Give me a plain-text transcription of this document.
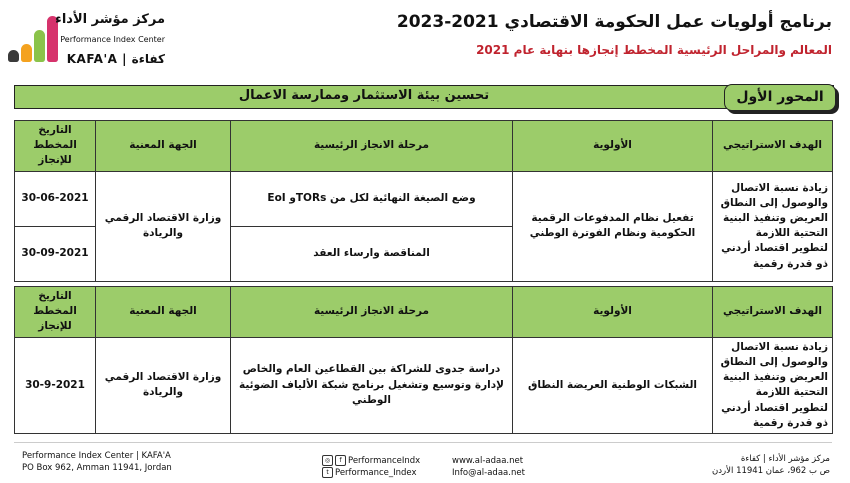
مركز مؤشر الأداء
Performance Index Center
KAFA'A | كفاءة
برنامج أولويات عمل الحكومة الاقتصادي 2021-2023
المعالم والمراحل الرئيسية المخطط إنجازها بنهاية عام 2021
تحسين بيئة الاستثمار وممارسة الاعمال	المحور الأول
الهدف الاستراتيجي	الأولوية	مرحلة الانجاز الرئيسية	الجهة المعنية	التاريخ المخطط للإنجاز
زيادة نسبة الاتصال والوصول إلى النطاق العريض وتنفيذ البنية التحتية اللازمة لتطوير اقتصاد أردني ذو قدرة رقمية	تفعيل نظام المدفوعات الرقمية الحكومية ونظام الفوترة الوطني	وضع الصيغة النهائية لكل من TORsو EoI	وزارة الاقتصاد الرقمي والريادة	30-06-2021
		المناقصة وارساء العقد		30-09-2021
الهدف الاستراتيجي	الأولوية	مرحلة الانجاز الرئيسية	الجهة المعنية	التاريخ المخطط للإنجاز
زيادة نسبة الاتصال والوصول إلى النطاق العريض وتنفيذ البنية التحتية اللازمة لتطوير اقتصاد أردني ذو قدرة رقمية	الشبكات الوطنية العريضة النطاق	دراسة جدوى للشراكة بين القطاعين العام والخاص لإدارة وتوسيع وتشغيل برنامج شبكة الألياف الضوئية الوطني	وزارة الاقتصاد الرقمي والريادة	30-9-2021
Performance Index Center | KAFA'A
PO Box 962, Amman 11941, Jordan
◎ f PerformanceIndx
t Performance_Index
www.al-adaa.net
Info@al-adaa.net
مركز مؤشر الأداء | كفاءة
ص ب 962، عمان 11941 الأردن
